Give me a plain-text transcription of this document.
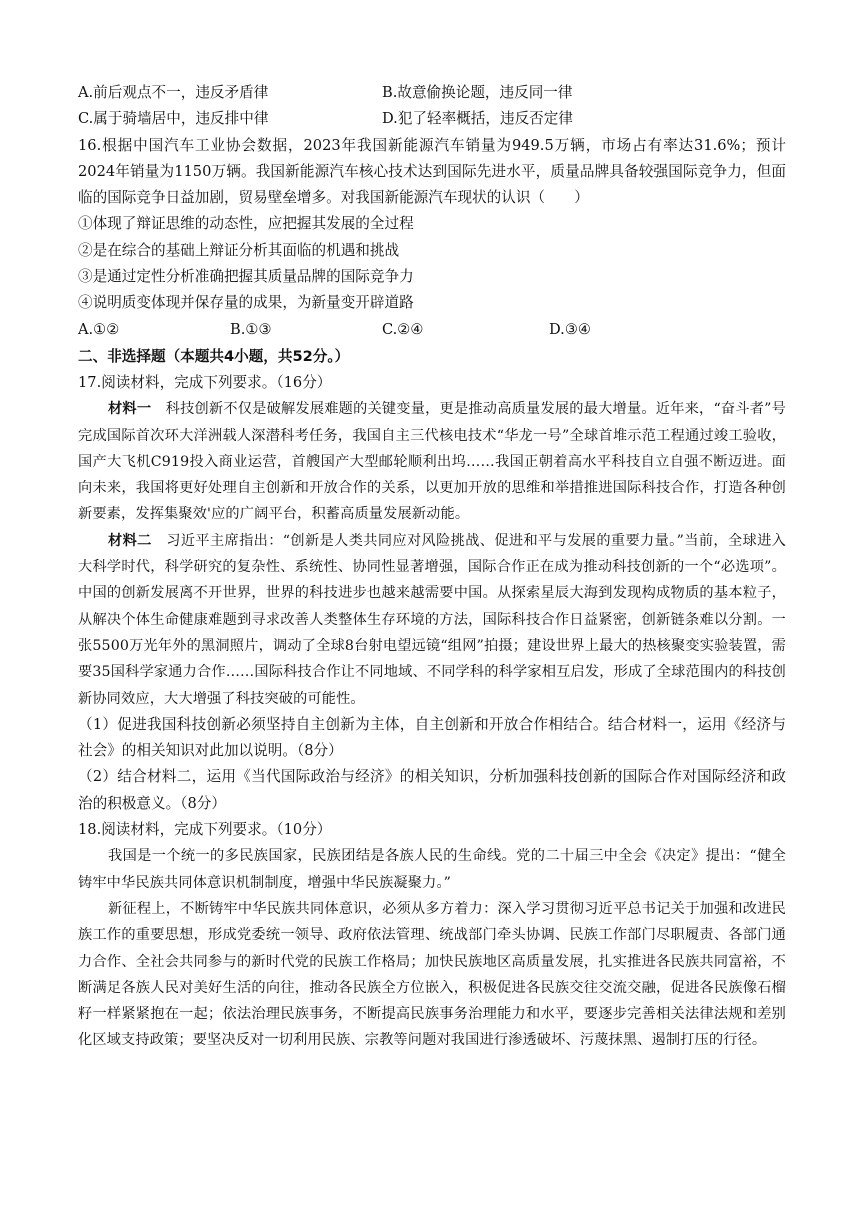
A.前后观点不一，违反矛盾律	B.故意偷换论题，违反同一律
C.属于骑墙居中，违反排中律	D.犯了轻率概括，违反否定律

16.根据中国汽车工业协会数据，2023年我国新能源汽车销量为949.5万辆，市场占有率达31.6%；预计2024年销量为1150万辆。我国新能源汽车核心技术达到国际先进水平，质量品牌具备较强国际竞争力，但面临的国际竞争日益加剧，贸易壁垒增多。对我国新能源汽车现状的认识（　　）

①体现了辩证思维的动态性，应把握其发展的全过程

②是在综合的基础上辩证分析其面临的机遇和挑战

③是通过定性分析准确把握其质量品牌的国际竞争力

④说明质变体现并保存量的成果，为新量变开辟道路

A.①②	B.①③	C.②④	D.③④

二、非选择题（本题共4小题，共52分。）

17.阅读材料，完成下列要求。（16分）

材料一　科技创新不仅是破解发展难题的关键变量，更是推动高质量发展的最大增量。近年来，“奋斗者”号完成国际首次环大洋洲载人深潜科考任务，我国自主三代核电技术“华龙一号”全球首堆示范工程通过竣工验收，国产大飞机C919投入商业运营，首艘国产大型邮轮顺利出坞……我国正朝着高水平科技自立自强不断迈进。面向未来，我国将更好处理自主创新和开放合作的关系，以更加开放的思维和举措推进国际科技合作，打造各种创新要素，发挥集聚效'应的广阔平台，积蓄高质量发展新动能。

材料二　习近平主席指出：“创新是人类共同应对风险挑战、促进和平与发展的重要力量。”当前，全球进入大科学时代，科学研究的复杂性、系统性、协同性显著增强，国际合作正在成为推动科技创新的一个“必选项”。中国的创新发展离不开世界，世界的科技进步也越来越需要中国。从探索星辰大海到发现构成物质的基本粒子，从解决个体生命健康难题到寻求改善人类整体生存环境的方法，国际科技合作日益紧密，创新链条难以分割。一张5500万光年外的黑洞照片，调动了全球8台射电望远镜“组网”拍摄；建设世界上最大的热核聚变实验装置，需要35国科学家通力合作……国际科技合作让不同地域、不同学科的科学家相互启发，形成了全球范围内的科技创新协同效应，大大增强了科技突破的可能性。

（1）促进我国科技创新必须坚持自主创新为主体，自主创新和开放合作相结合。结合材料一，运用《经济与社会》的相关知识对此加以说明。（8分）

（2）结合材料二，运用《当代国际政治与经济》的相关知识，分析加强科技创新的国际合作对国际经济和政治的积极意义。（8分）

18.阅读材料，完成下列要求。（10分）

我国是一个统一的多民族国家，民族团结是各族人民的生命线。党的二十届三中全会《决定》提出：“健全铸牢中华民族共同体意识机制制度，增强中华民族凝聚力。”

新征程上，不断铸牢中华民族共同体意识，必须从多方着力：深入学习贯彻习近平总书记关于加强和改进民族工作的重要思想，形成党委统一领导、政府依法管理、统战部门牵头协调、民族工作部门尽职履责、各部门通力合作、全社会共同参与的新时代党的民族工作格局；加快民族地区高质量发展，扎实推进各民族共同富裕，不断满足各族人民对美好生活的向往，推动各民族全方位嵌入，积极促进各民族交往交流交融，促进各民族像石榴籽一样紧紧抱在一起；依法治理民族事务，不断提高民族事务治理能力和水平，要逐步完善相关法律法规和差别化区域支持政策；要坚决反对一切利用民族、宗教等问题对我国进行渗透破坏、污蔑抹黑、遏制打压的行径。
